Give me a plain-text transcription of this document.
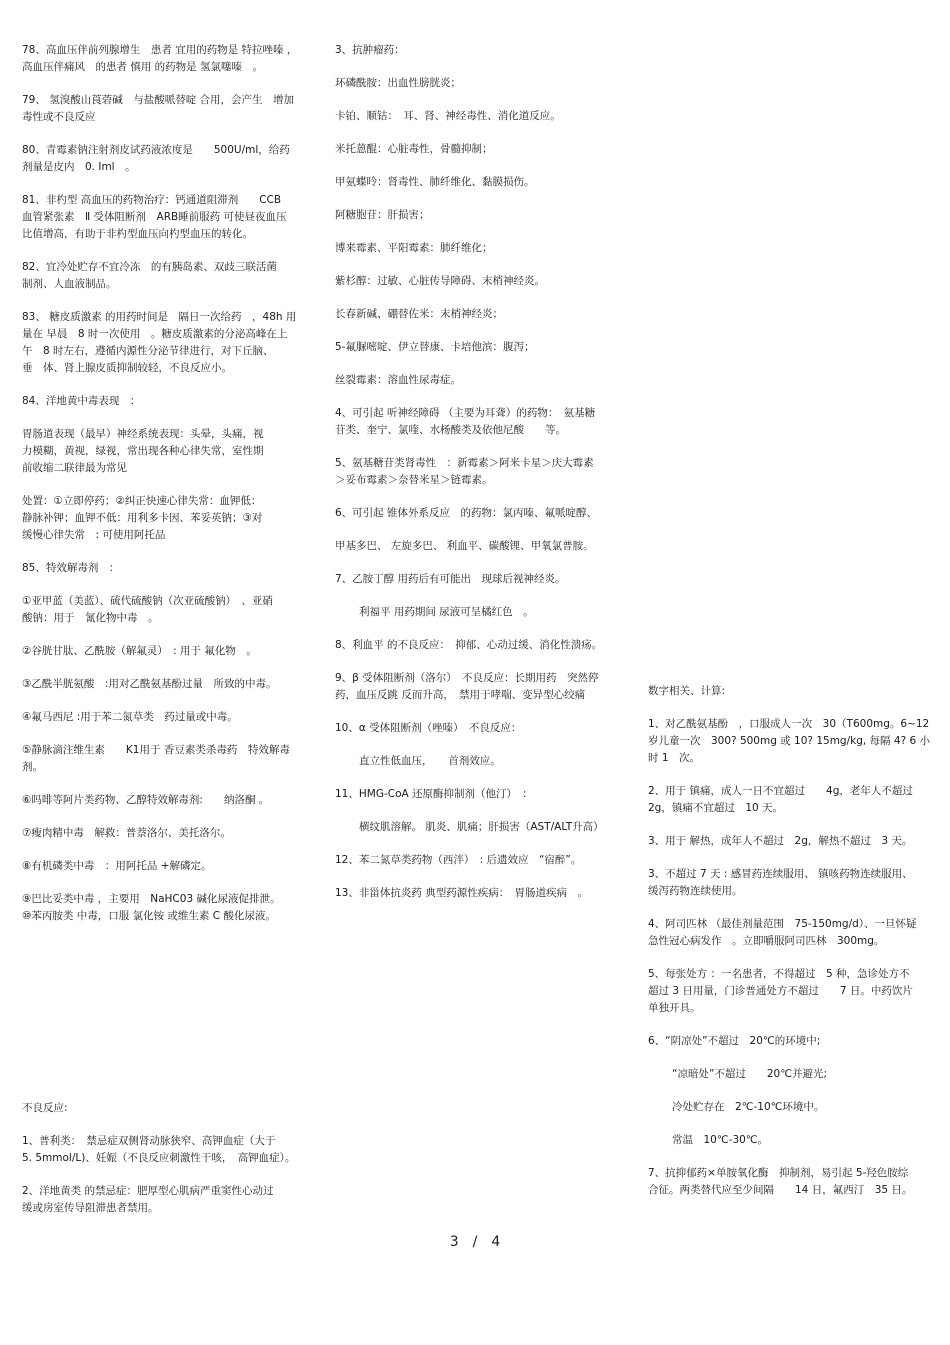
78、高血压伴前列腺增生　患者 宜用的药物是 特拉唑嗪 ，
高血压伴痛风　的患者 慎用 的药物是 氢氯噻嗪　。

79、 氢溴酸山莨菪碱　与盐酸哌替啶 合用，会产生　增加
毒性或不良反应

80、青霉素钠注射剂皮试药液浓度是　　500U/ml，给药
剂量是皮内　0. Iml　。

81、非杓型 高血压的药物治疗：钙通道阻滞剂　　CCB
血管紧张素　Ⅱ 受体阻断剂　ARB睡前服药 可使昼夜血压
比值增高，有助于非杓型血压向杓型血压的转化。

82、宜冷处贮存不宜冷冻　的有胰岛素、双歧三联活菌
制剂、人血液制品。

83、 糖皮质激素 的用药时间是　隔日一次给药　，48h 用
量在 早晨　8 时一次使用　。糖皮质激素的分泌高峰在上
午　8 时左右，遵循内源性分泌节律进行，对下丘脑、
垂　体、肾上腺皮质抑制较轻，不良反应小。

84、洋地黄中毒表现　：

胃肠道表现（最早）神经系统表现：头晕，头痛，视
力模糊，黄视，绿视，常出现各种心律失常，室性期
前收缩二联律最为常见

处置：①立即停药；②纠正快速心律失常：血钾低：
静脉补钾；血钾不低：用利多卡因、苯妥英钠；③对
缓慢心律失常　: 可使用阿托品

85、特效解毒剂　：

①亚甲蓝（美蓝）、硫代硫酸钠（次亚硫酸钠）　、亚硝
酸钠：用于　氰化物中毒　。

②谷胱甘肽、乙酰胺（解氟灵）　: 用于 氟化物　。

③乙酰半胱氨酸　:用对乙酰氨基酚过量　所致的中毒。

④氟马西尼 :用于苯二氮草类　药过量或中毒。

⑤静脉滴注维生素　　K1用于 香豆素类杀毒药　特效解毒
剂。

⑥吗啡等阿片类药物、乙醇特效解毒剂:　　纳洛酮 。

⑦瘦肉精中毒　解救：普萘洛尔、美托洛尔。

⑧有机磷类中毒　：用阿托品 +解磷定。

⑨巴比妥类中毒 ，主要用　NaHC03 碱化尿液促排泄。
⑩苯丙胺类 中毒，口服 氯化铵 或维生素 C 酸化尿液。

不良反应:

1、普利类：　禁忌症双侧肾动脉狭窄、高钾血症（大于
5. 5mmol/L)、妊娠（不良反应刺激性干咳，　高钾血症）。

2、洋地黄类 的禁忌症：肥厚型心肌病严重窦性心动过
缓或房室传导阻滞患者禁用。

3、抗肿瘤药：

环磷酰胺：出血性膀胱炎；

卡铂、顺钴：　耳、肾、神经毒性、消化道反应。

米托蒽醌：心脏毒性，骨髓抑制；

甲氨蝶呤：肾毒性、肺纤维化、黏膜损伤。

阿糖胞苷：肝损害；

博来霉素、平阳霉素：肺纤维化；

紫杉醇：过敏、心脏传导障碍、末梢神经炎。

长春新碱、硼替佐米：末梢神经炎；

5-氟脲嘧啶、伊立替康、卡培他滨：腹泻；

丝裂霉素：溶血性尿毒症。

4、可引起 听神经障碍 （主要为耳聋）的药物：　氨基糖
苷类、奎宁、氯喹、水杨酸类及依他尼酸　　等。

5、氨基糖苷类肾毒性　：新霉素＞阿米卡星＞庆大霉素
＞妥布霉素＞奈替米星＞链霉素。

6、可引起 锥体外系反应　的药物：氯丙嗪、氟哌啶醇、

甲基多巴、 左旋多巴、 利血平、碳酸锂、甲氧氯普胺。

7、乙胺丁醇 用药后有可能出　现球后视神经炎。

利福平 用药期间 尿液可呈橘红色　。

8、利血平 的不良反应：　抑郁、心动过缓、消化性溃疡。

9、β 受体阻断剂（洛尔）　不良反应：长期用药　突然停
药，血压反跳 反而升高，　禁用于哮喘、变异型心绞痛

10、α 受体阻断剂（唑嗪）　不良反应：

直立性低血压，　　首剂效应。

11、HMG-CoA 还原酶抑制剂（他汀）　：

横纹肌溶解。 肌炎、肌痛；肝损害（AST/ALT升高）

12、苯二氮草类药物（西泮）　: 后遗效应　“宿醉”。

13、非甾体抗炎药 典型药源性疾病：　胃肠道疾病　。

数字相关、计算:

1、对乙酰氨基酚　，口服成人一次　30（T600mg。6~12
岁儿童一次　300? 500mg 或 10? 15mg/kg, 每隔 4? 6 小
时 1　次。

2、用于 镇痛，成人一日不宜超过　　4g，老年人不超过
2g，镇痛不宜超过　10 天。

3、用于 解热，成年人不超过　2g，解热不超过　3 天。

3、不超过 7 天 : 感冒药连续服用、 镇咳药物连续服用、
缓泻药物连续使用。

4、阿司匹林 （最佳剂量范围　75-150mg/d）、一旦怀疑
急性冠心病发作　。立即嚼服阿司匹林　300mg。

5、每张处方 ：一名患者，不得超过　5 种，急诊处方不
超过 3 日用量，门诊普通处方不超过　　7 日。中药饮片
单独开具。

6、“阴凉处”不超过　20℃的环境中;

“凉暗处”不超过　　20℃并避光;

冷处贮存在　2℃-10℃环境中。

常温　10℃-30℃。

7、抗抑郁药×单胺氧化酶　抑制剂，易引起 5-羟色胺综
合征。两类替代应至少间隔　　14 日，氟西汀　35 日。

3　/　4
